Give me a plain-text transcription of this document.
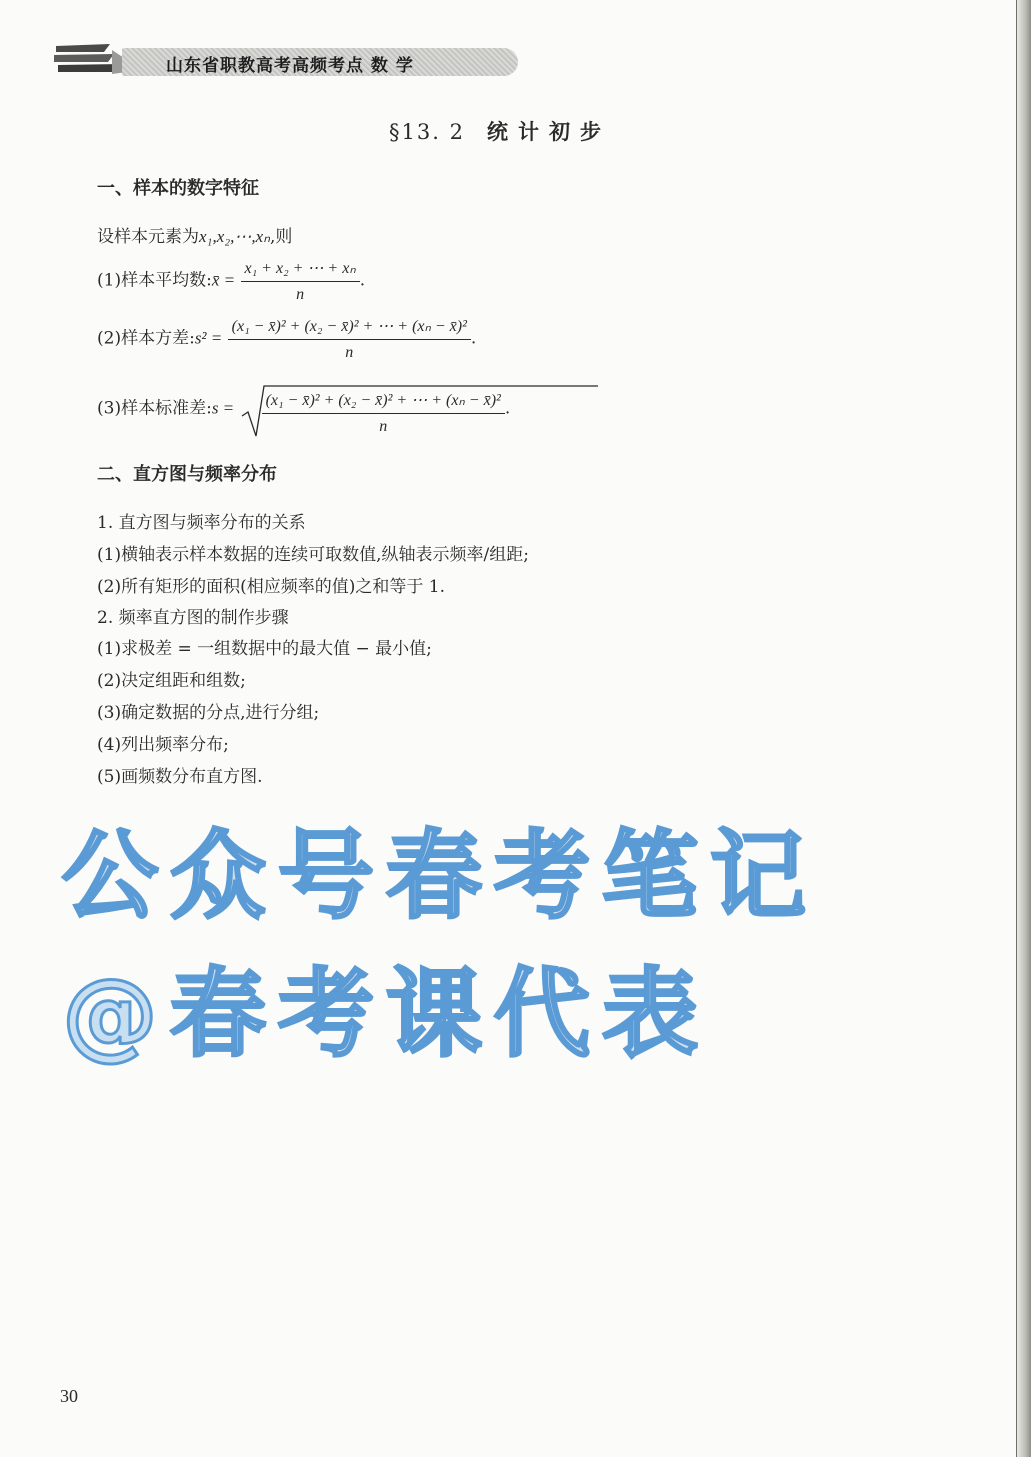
山东省职教高考高频考点 数 学
§13. 2 统计初步
一、样本的数字特征
设样本元素为x₁,x₂,⋯,xₙ,则
(1)样本平均数:x̄ = $\frac{\text{x₁ + x₂ + ⋯ + xₙ}}{n}$ .
(2)样本方差:s² = $\frac{\text{(x₁ − x̄)² + (x₂ − x̄)² + ⋯ + (xₙ − x̄)²}}{n}$ .
(3)样本标准差:s = $\frac{\text{(x₁ − x̄)² + (x₂ − x̄)² + ⋯ + (xₙ − x̄)²}}{n}$ .
二、直方图与频率分布
1. 直方图与频率分布的关系
(1)横轴表示样本数据的连续可取数值,纵轴表示频率/组距;
(2)所有矩形的面积(相应频率的值)之和等于 1.
2. 频率直方图的制作步骤
(1)求极差 = 一组数据中的最大值 − 最小值;
(2)决定组距和组数;
(3)确定数据的分点,进行分组;
(4)列出频率分布;
(5)画频数分布直方图.
公众号春考笔记
@春考课代表
30
